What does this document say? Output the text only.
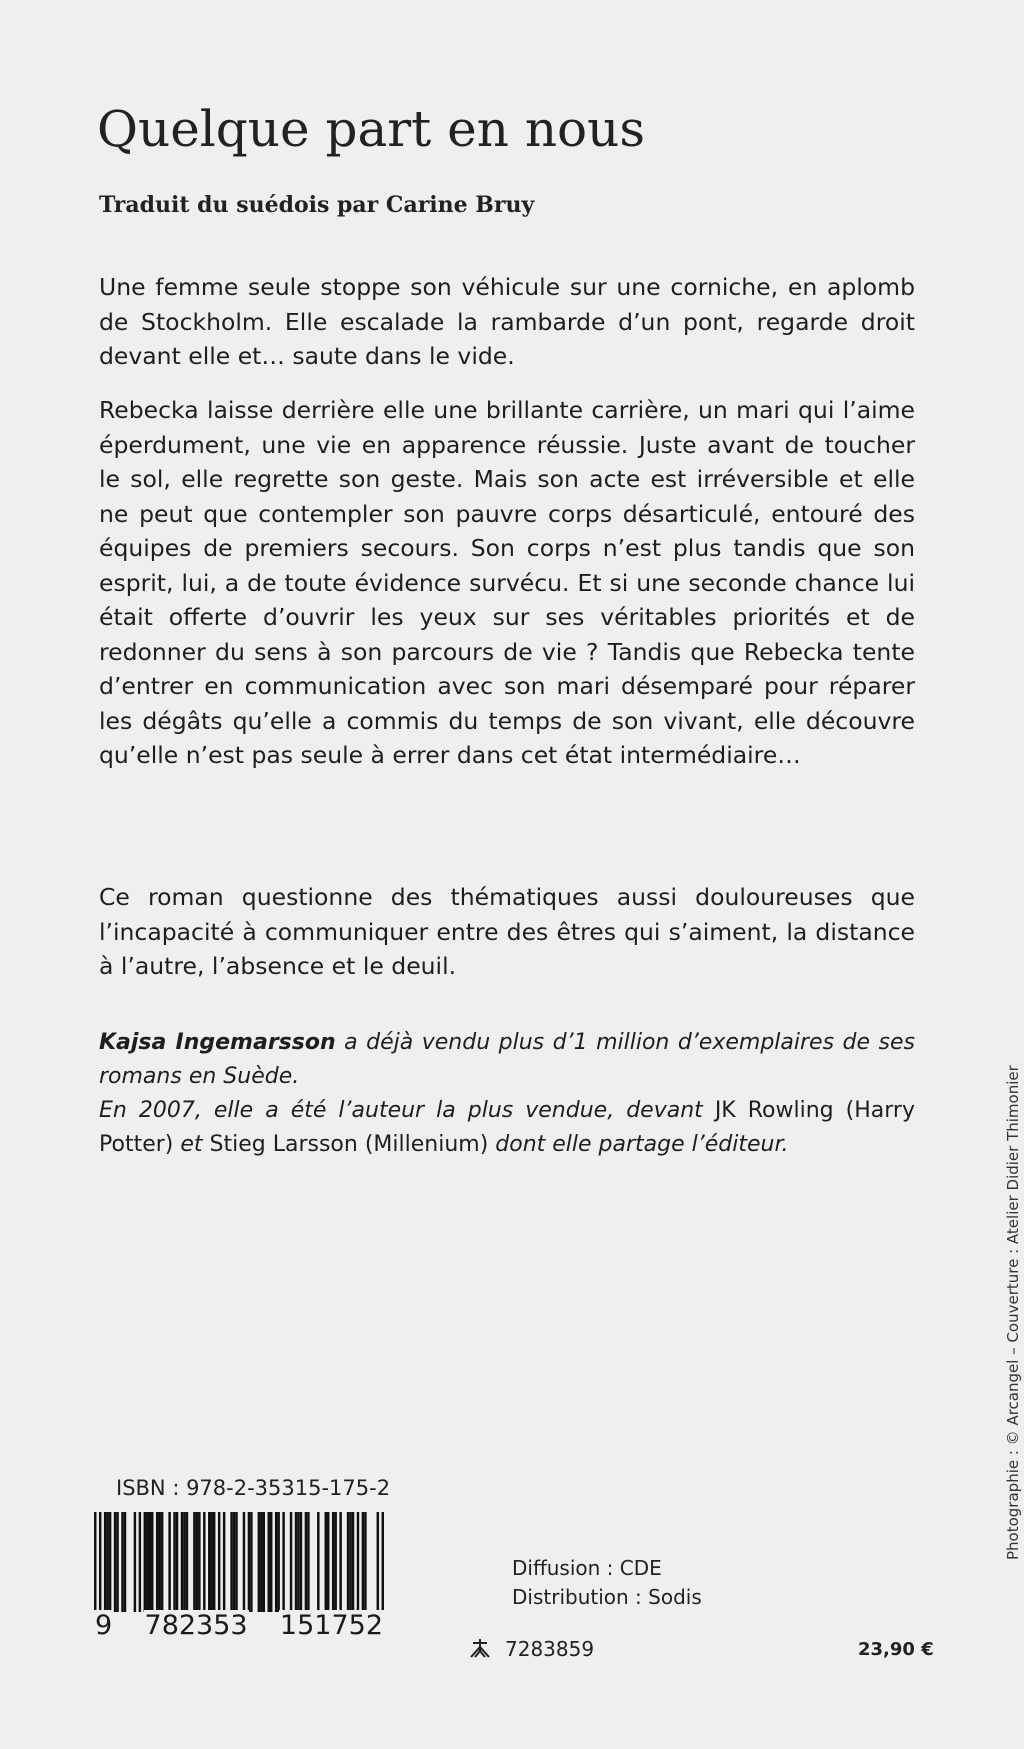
Quelque part en nous
Traduit du suédois par Carine Bruy

Une femme seule stoppe son véhicule sur une corniche, en aplomb de Stockholm. Elle escalade la rambarde d’un pont, regarde droit devant elle et… saute dans le vide.

Rebecka laisse derrière elle une brillante carrière, un mari qui l’aime éperdument, une vie en apparence réussie. Juste avant de toucher le sol, elle regrette son geste. Mais son acte est irréversible et elle ne peut que contempler son pauvre corps désarticulé, entouré des équipes de premiers secours. Son corps n’est plus tandis que son esprit, lui, a de toute évidence survécu. Et si une seconde chance lui était offerte d’ouvrir les yeux sur ses véritables priorités et de redonner du sens à son parcours de vie ? Tandis que Rebecka tente d’entrer en communication avec son mari désemparé pour réparer les dégâts qu’elle a commis du temps de son vivant, elle découvre qu’elle n’est pas seule à errer dans cet état intermédiaire…

Ce roman questionne des thématiques aussi douloureuses que l’incapacité à communiquer entre des êtres qui s’aiment, la distance à l’autre, l’absence et le deuil.

Kajsa Ingemarsson a déjà vendu plus d’1 million d’exemplaires de ses romans en Suède.
En 2007, elle a été l’auteur la plus vendue, devant JK Rowling (Harry Potter) et Stieg Larsson (Millenium) dont elle partage l’éditeur.

ISBN : 978-2-35315-175-2
9 782353 151752
Diffusion : CDE
Distribution : Sodis
7283859	23,90 €
Photographie : © Arcangel – Couverture : Atelier Didier Thimonier
